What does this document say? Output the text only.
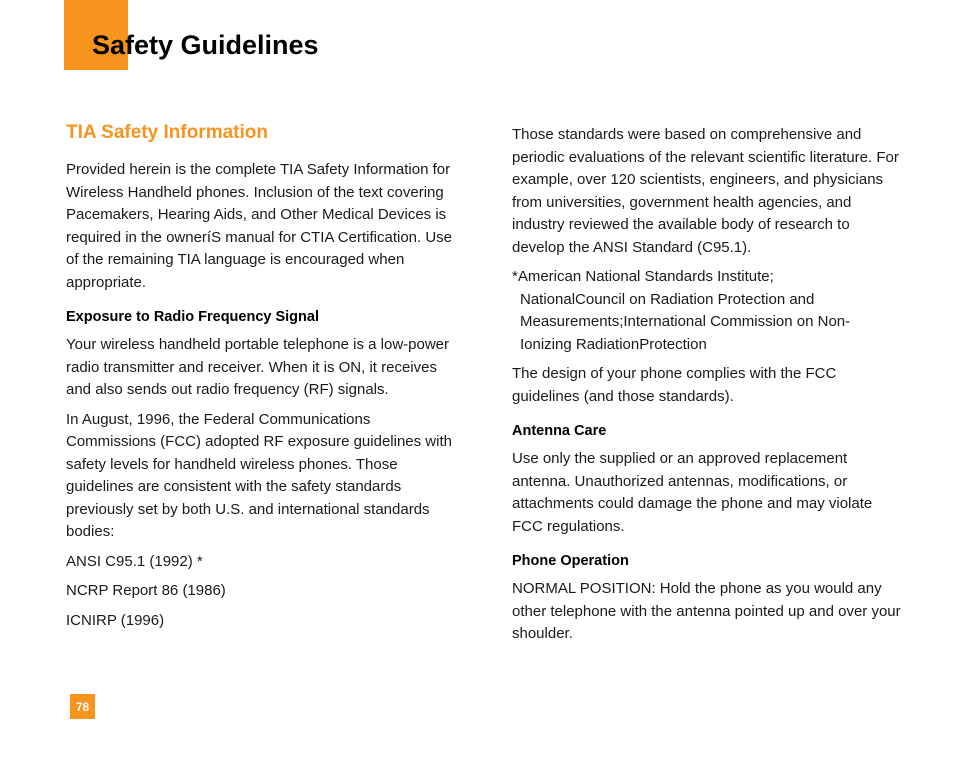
Safety Guidelines
TIA Safety Information

Provided herein is the complete TIA Safety Information for Wireless Handheld phones. Inclusion of the text covering Pacemakers, Hearing Aids, and Other Medical Devices is required in the owneríS manual for CTIA Certification. Use of the remaining TIA language is encouraged when appropriate.

Exposure to Radio Frequency Signal

Your wireless handheld portable telephone is a low-power radio transmitter and receiver. When it is ON, it receives and also sends out radio frequency (RF) signals.

In August, 1996, the Federal Communications Commissions (FCC) adopted RF exposure guidelines with safety levels for handheld wireless phones. Those guidelines are consistent with the safety standards previously set by both U.S. and international standards bodies:

ANSI C95.1 (1992) *

NCRP Report 86 (1986)

ICNIRP (1996)

Those standards were based on comprehensive and periodic evaluations of the relevant scientific literature. For example, over 120 scientists, engineers, and physicians from universities, government health agencies, and industry reviewed the available body of research to develop the ANSI Standard (C95.1).

*American National Standards Institute;
NationalCouncil on Radiation Protection and
Measurements;International Commission on Non-
Ionizing RadiationProtection

The design of your phone complies with the FCC guidelines (and those standards).

Antenna Care

Use only the supplied or an approved replacement antenna. Unauthorized antennas, modifications, or attachments could damage the phone and may violate FCC regulations.

Phone Operation

NORMAL POSITION: Hold the phone as you would any other telephone with the antenna pointed up and over your shoulder.

78
